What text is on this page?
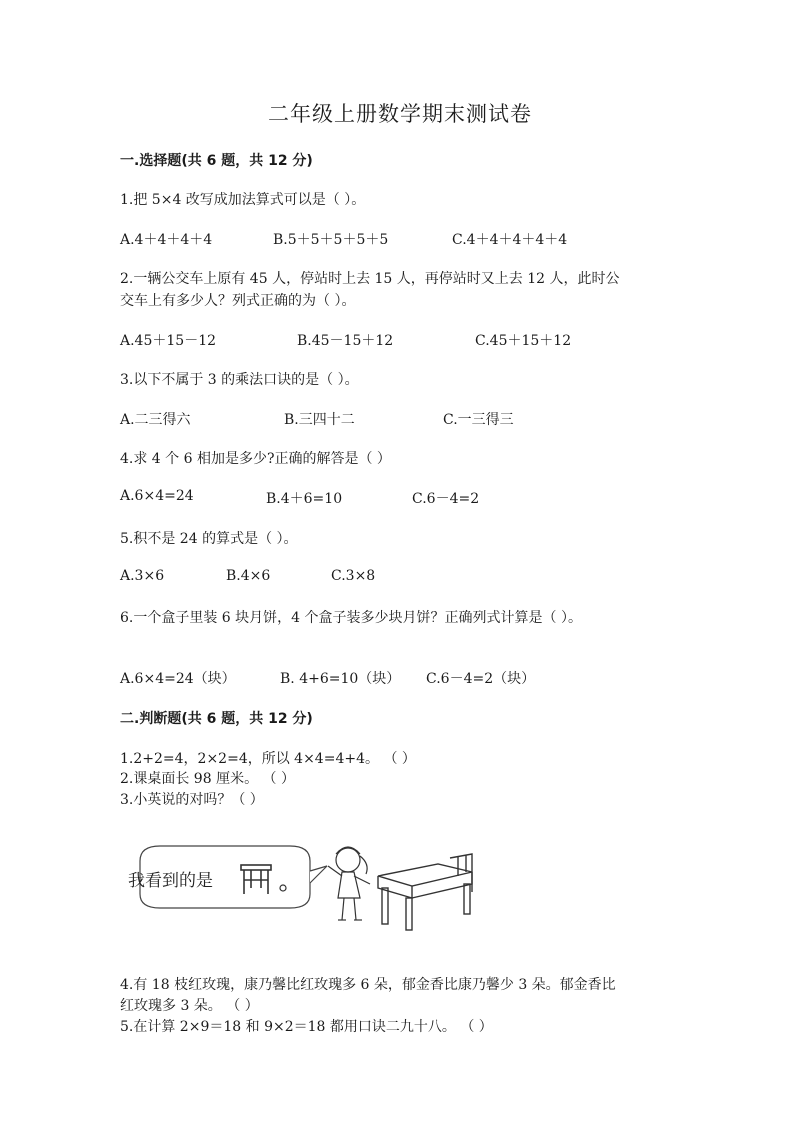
二年级上册数学期末测试卷
一.选择题(共 6 题，共 12 分)
1.把 5×4 改写成加法算式可以是（ ）。
A.4＋4＋4＋4	B.5＋5＋5＋5＋5	C.4＋4＋4＋4＋4
2.一辆公交车上原有 45 人，停站时上去 15 人，再停站时又上去 12 人，此时公
交车上有多少人？列式正确的为（ ）。
A.45＋15－12	B.45－15＋12	C.45＋15＋12
3.以下不属于 3 的乘法口诀的是（ ）。
A.二三得六	B.三四十二	C.一三得三
4.求 4 个 6 相加是多少?正确的解答是（ ）
A.6×4=24	B.4＋6=10	C.6－4=2
5.积不是 24 的算式是（ ）。
A.3×6	B.4×6	C.3×8
6.一个盒子里装 6 块月饼，4 个盒子装多少块月饼？正确列式计算是（ ）。
A.6×4=24（块）	B. 4+6=10（块） C.6－4=2（块）
二.判断题(共 6 题，共 12 分)
1.2+2=4，2×2=4，所以 4×4=4+4。 （ ）
2.课桌面长 98 厘米。 （ ）
3.小英说的对吗？（ ）
我看到的是
4.有 18 枝红玫瑰，康乃馨比红玫瑰多 6 朵，郁金香比康乃馨少 3 朵。郁金香比
红玫瑰多 3 朵。 （ ）
5.在计算 2×9＝18 和 9×2＝18 都用口诀二九十八。 （ ）
